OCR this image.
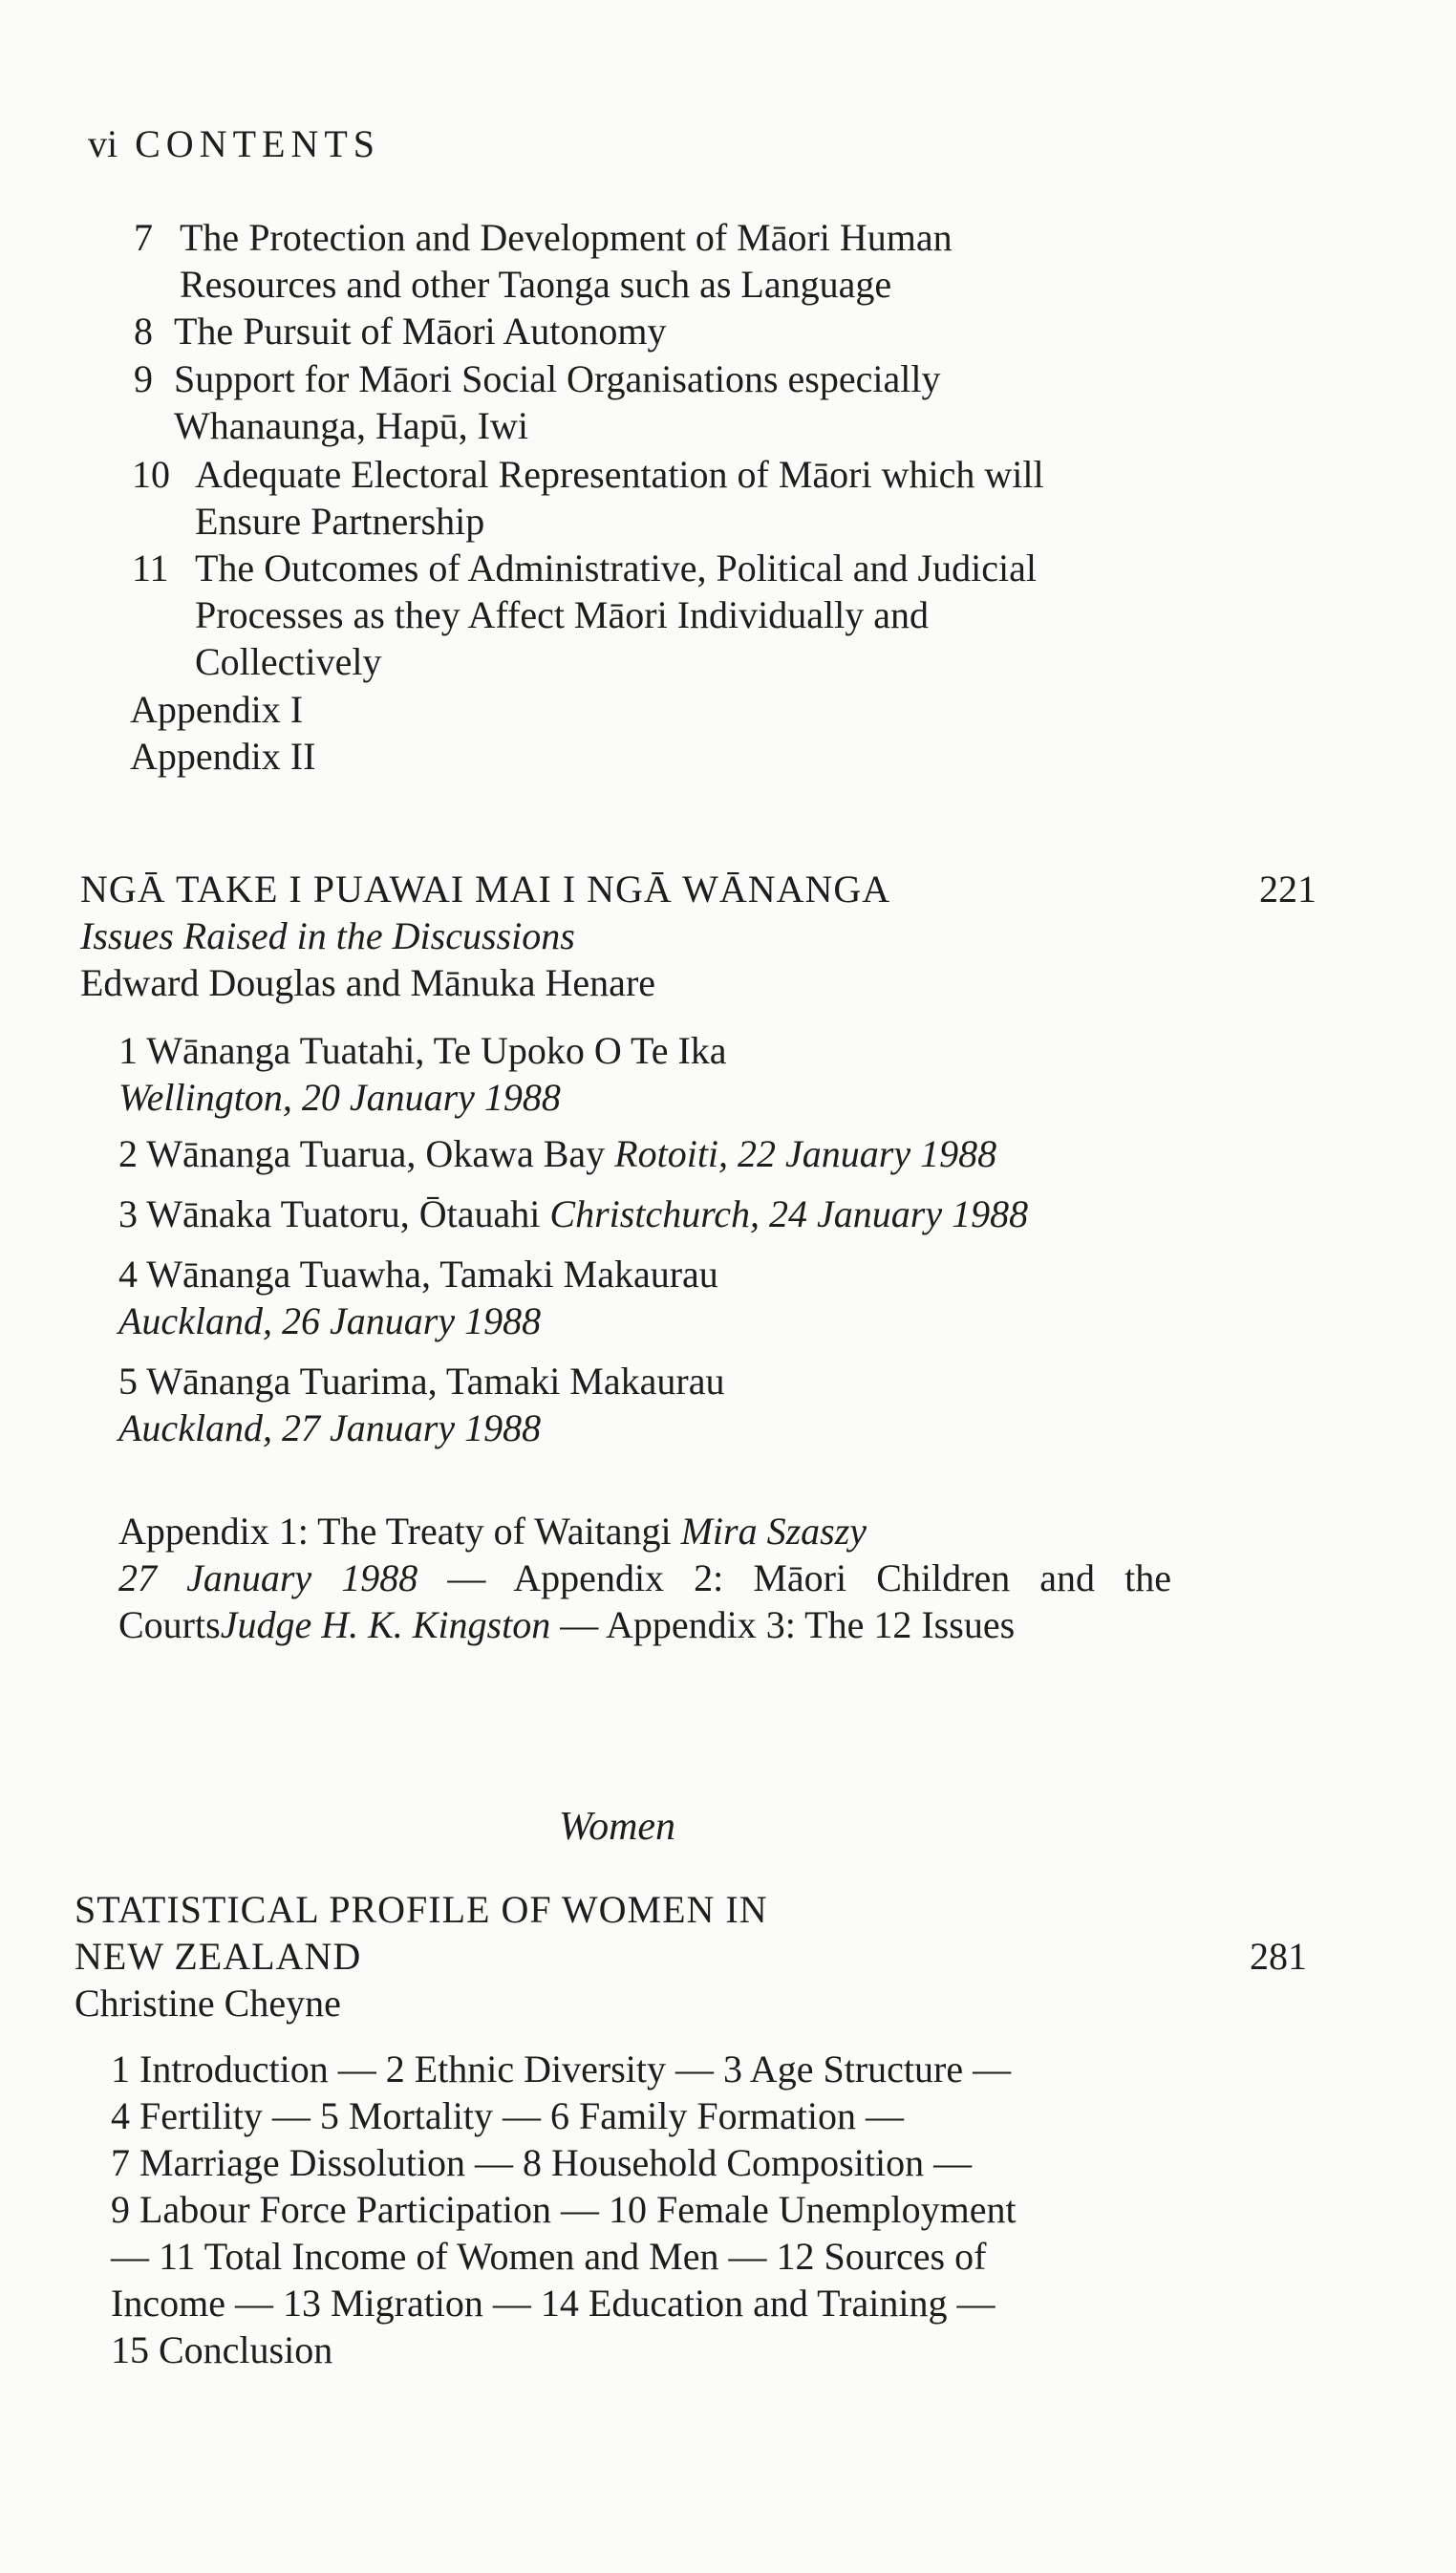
vi CONTENTS
7 The Protection and Development of Māori Human
Resources and other Taonga such as Language
8 The Pursuit of Māori Autonomy
9 Support for Māori Social Organisations especially
Whanaunga, Hapū, Iwi
10 Adequate Electoral Representation of Māori which will
Ensure Partnership
11 The Outcomes of Administrative, Political and Judicial
Processes as they Affect Māori Individually and
Collectively
Appendix I
Appendix II
NGĀ TAKE I PUAWAI MAI I NGĀ WĀNANGA	221
Issues Raised in the Discussions
Edward Douglas and Mānuka Henare
1 Wānanga Tuatahi, Te Upoko O Te Ika
Wellington, 20 January 1988
2 Wānanga Tuarua, Okawa Bay Rotoiti, 22 January 1988
3 Wānaka Tuatoru, Ōtauahi Christchurch, 24 January 1988
4 Wānanga Tuawha, Tamaki Makaurau
Auckland, 26 January 1988
5 Wānanga Tuarima, Tamaki Makaurau
Auckland, 27 January 1988
Appendix 1: The Treaty of Waitangi Mira Szaszy
27 January 1988 — Appendix 2: Māori Children and the
CourtsJudge H. K. Kingston — Appendix 3: The 12 Issues
Women
STATISTICAL PROFILE OF WOMEN IN
NEW ZEALAND	281
Christine Cheyne
1 Introduction — 2 Ethnic Diversity — 3 Age Structure —
4 Fertility — 5 Mortality — 6 Family Formation —
7 Marriage Dissolution — 8 Household Composition —
9 Labour Force Participation — 10 Female Unemployment
— 11 Total Income of Women and Men — 12 Sources of
Income — 13 Migration — 14 Education and Training —
15 Conclusion
